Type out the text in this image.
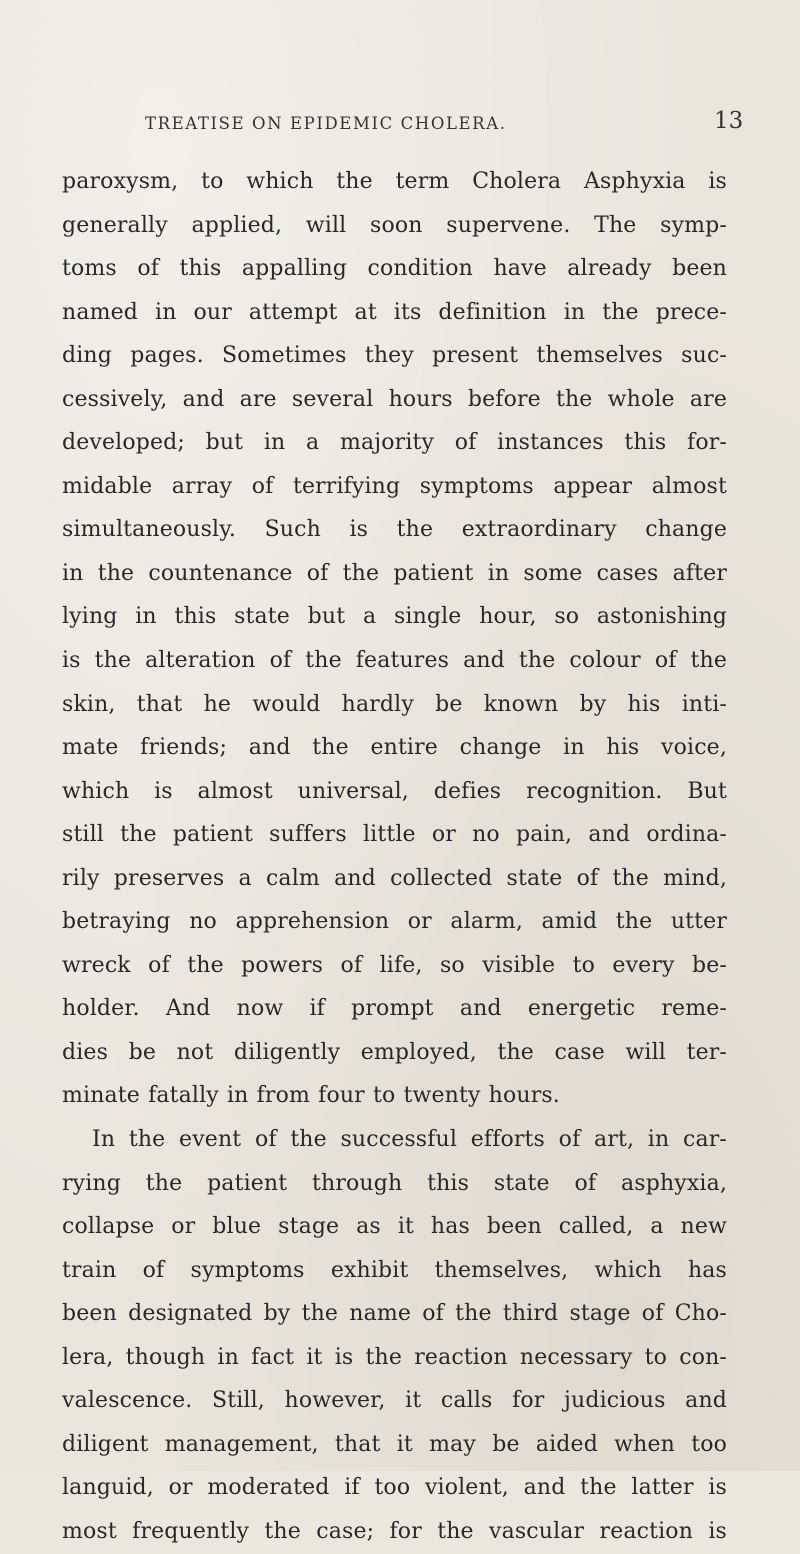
TREATISE ON EPIDEMIC CHOLERA.	13
paroxysm, to which the term Cholera Asphyxia is
generally applied, will soon supervene. The symp-
toms of this appalling condition have already been
named in our attempt at its definition in the prece-
ding pages. Sometimes they present themselves suc-
cessively, and are several hours before the whole are
developed; but in a majority of instances this for-
midable array of terrifying symptoms appear almost
simultaneously. Such is the extraordinary change
in the countenance of the patient in some cases after
lying in this state but a single hour, so astonishing
is the alteration of the features and the colour of the
skin, that he would hardly be known by his inti-
mate friends; and the entire change in his voice,
which is almost universal, defies recognition. But
still the patient suffers little or no pain, and ordina-
rily preserves a calm and collected state of the mind,
betraying no apprehension or alarm, amid the utter
wreck of the powers of life, so visible to every be-
holder. And now if prompt and energetic reme-
dies be not diligently employed, the case will ter-
minate fatally in from four to twenty hours.
In the event of the successful efforts of art, in car-
rying the patient through this state of asphyxia,
collapse or blue stage as it has been called, a new
train of symptoms exhibit themselves, which has
been designated by the name of the third stage of Cho-
lera, though in fact it is the reaction necessary to con-
valescence. Still, however, it calls for judicious and
diligent management, that it may be aided when too
languid, or moderated if too violent, and the latter is
most frequently the case; for the vascular reaction is
